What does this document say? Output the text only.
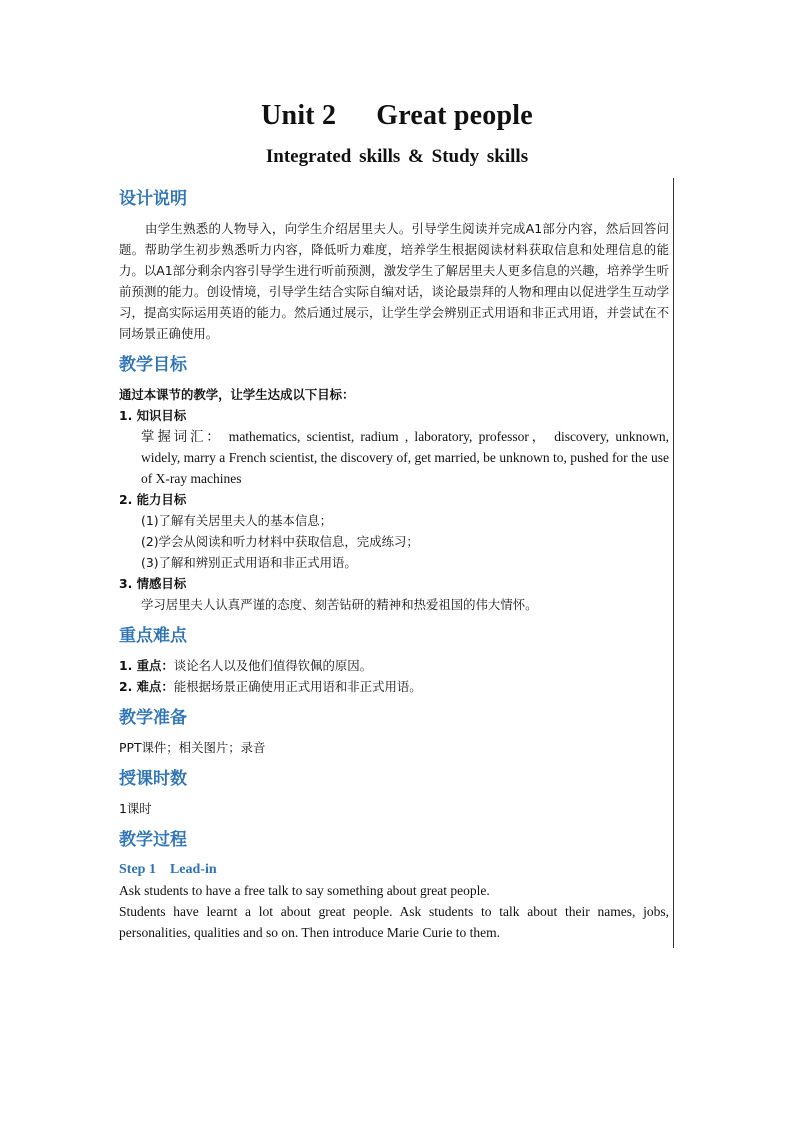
Unit 2 Great people
Integrated skills & Study skills
设计说明

由学生熟悉的人物导入，向学生介绍居里夫人。引导学生阅读并完成A1部分内容，然后回答问题。帮助学生初步熟悉听力内容，降低听力难度，培养学生根据阅读材料获取信息和处理信息的能力。以A1部分剩余内容引导学生进行听前预测，激发学生了解居里夫人更多信息的兴趣，培养学生听前预测的能力。创设情境，引导学生结合实际自编对话，谈论最崇拜的人物和理由以促进学生互动学习，提高实际运用英语的能力。然后通过展示，让学生学会辨别正式用语和非正式用语，并尝试在不同场景正确使用。

教学目标

通过本课节的教学，让学生达成以下目标：

1. 知识目标

掌握词汇： mathematics, scientist, radium , laboratory, professor， discovery, unknown, widely, marry a French scientist, the discovery of, get married, be unknown to, pushed for the use of X-ray machines

2. 能力目标

(1)了解有关居里夫人的基本信息；

(2)学会从阅读和听力材料中获取信息，完成练习；

(3)了解和辨别正式用语和非正式用语。

3. 情感目标

学习居里夫人认真严谨的态度、刻苦钻研的精神和热爱祖国的伟大情怀。

重点难点

1. 重点：谈论名人以及他们值得钦佩的原因。

2. 难点：能根据场景正确使用正式用语和非正式用语。

教学准备

PPT课件；相关图片；录音

授课时数

1课时

教学过程

Step 1 Lead-in

Ask students to have a free talk to say something about great people.

Students have learnt a lot about great people. Ask students to talk about their names, jobs, personalities, qualities and so on. Then introduce Marie Curie to them.
